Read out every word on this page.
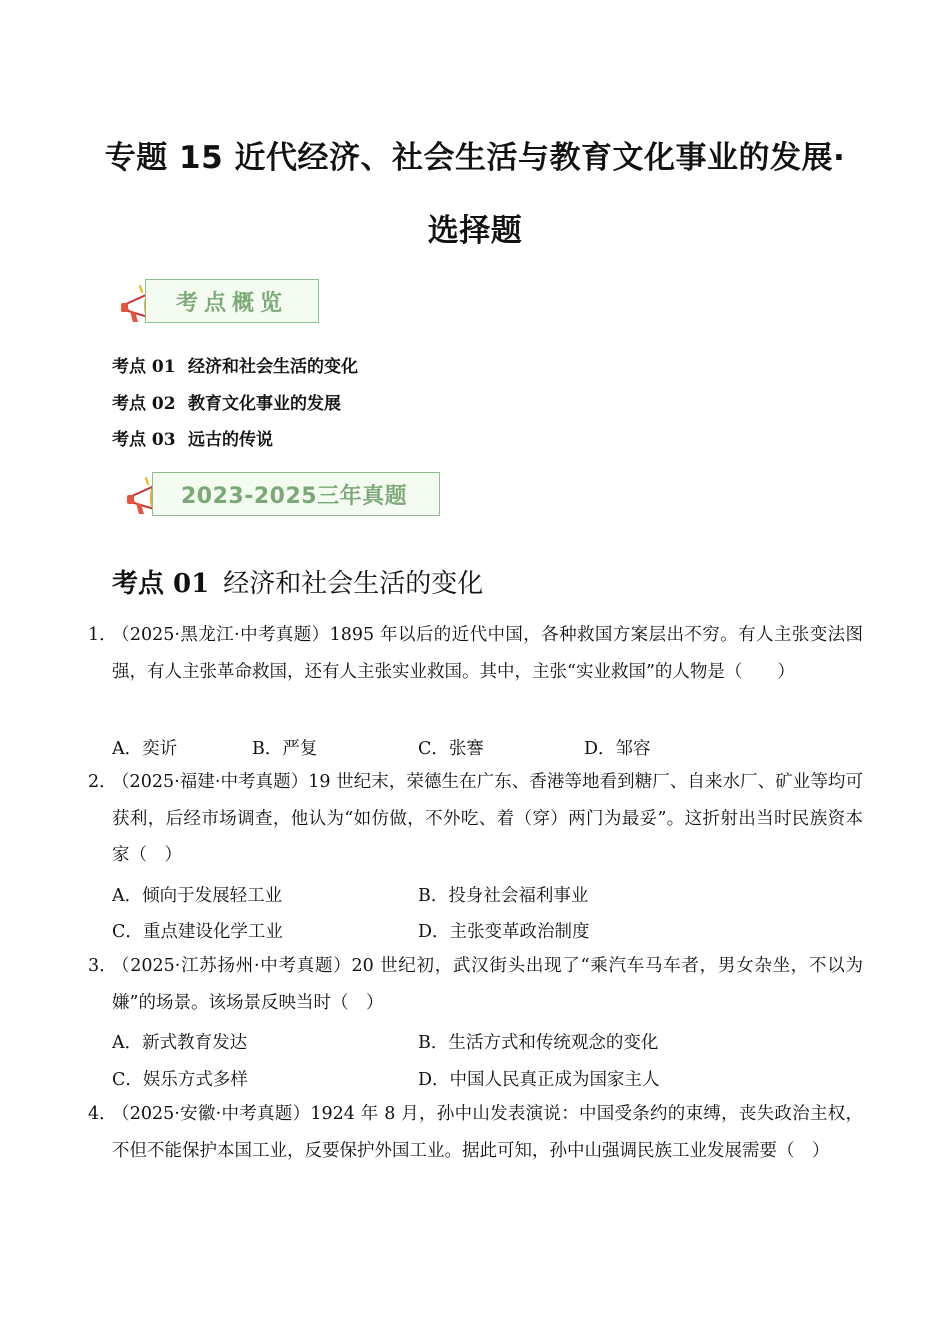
专题 15 近代经济、社会生活与教育文化事业的发展·
选择题
考点概览
考点 01 经济和社会生活的变化
考点 02 教育文化事业的发展
考点 03 远古的传说
2023-2025三年真题
考点 01 经济和社会生活的变化
1．
（2025·黑龙江·中考真题）1895 年以后的近代中国，各种救国方案层出不穷。有人主张变法图强，有人主张革命救国，还有人主张实业救国。其中，主张“实业救国”的人物是（　　）
A．奕䜣	B．严复	C．张謇	D．邹容
2．
（2025·福建·中考真题）19 世纪末，荣德生在广东、香港等地看到糖厂、自来水厂、矿业等均可获利，后经市场调查，他认为“如仿做，不外吃、着（穿）两门为最妥”。这折射出当时民族资本家（　）
A．倾向于发展轻工业	B．投身社会福利事业
C．重点建设化学工业	D．主张变革政治制度
3．
（2025·江苏扬州·中考真题）20 世纪初，武汉街头出现了“乘汽车马车者，男女杂坐，不以为嫌”的场景。该场景反映当时（　）
A．新式教育发达	B．生活方式和传统观念的变化
C．娱乐方式多样	D．中国人民真正成为国家主人
4．
（2025·安徽·中考真题）1924 年 8 月，孙中山发表演说：中国受条约的束缚，丧失政治主权，不但不能保护本国工业，反要保护外国工业。据此可知，孙中山强调民族工业发展需要（　）
